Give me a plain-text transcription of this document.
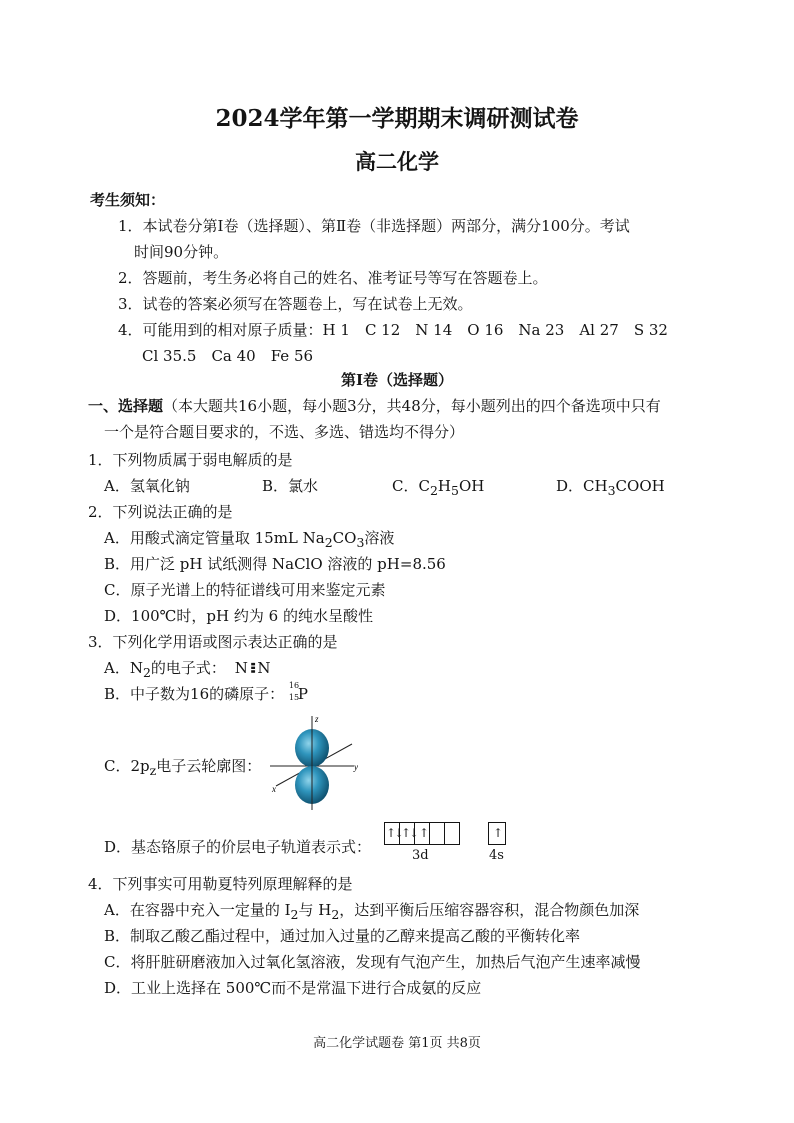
2024学年第一学期期末调研测试卷
高二化学
考生须知：
1．本试卷分第Ⅰ卷（选择题）、第Ⅱ卷（非选择题）两部分，满分100分。考试
时间90分钟。
2．答题前，考生务必将自己的姓名、准考证号等写在答题卷上。
3．试卷的答案必须写在答题卷上，写在试卷上无效。
4．可能用到的相对原子质量：H 1　C 12　N 14　O 16　Na 23　Al 27　S 32
Cl 35.5　Ca 40　Fe 56
第Ⅰ卷（选择题）
一、选择题（本大题共16小题，每小题3分，共48分，每小题列出的四个备选项中只有
一个是符合题目要求的，不选、多选、错选均不得分）
1．下列物质属于弱电解质的是
A．氢氧化钠	B．氯水	C．$C_2H_5OH$	D．$CH_3COOH$
2．下列说法正确的是
A．用酸式滴定管量取 15mL $Na_2CO_3$溶液
B．用广泛 pH 试纸测得 NaClO 溶液的 pH=8.56
C．原子光谱上的特征谱线可用来鉴定元素
D．100℃时，pH 约为 6 的纯水呈酸性
3．下列化学用语或图示表达正确的是
A．$N_2$的电子式： N ⁝⁝ N
B．中子数为16的磷原子： 16
15
P
C．$2p_z$电子云轮廓图：
z
y
x
D．基态铬原子的价层电子轨道表示式：
↑↓
↑↓ ↑	↑
3d	4s
4．下列事实可用勒夏特列原理解释的是
A．在容器中充入一定量的 $I_2$与 $H_2$，达到平衡后压缩容器容积，混合物颜色加深
B．制取乙酸乙酯过程中，通过加入过量的乙醇来提高乙酸的平衡转化率
C．将肝脏研磨液加入过氧化氢溶液，发现有气泡产生，加热后气泡产生速率减慢
D．工业上选择在 500℃而不是常温下进行合成氨的反应
高二化学试题卷 第1页 共8页
